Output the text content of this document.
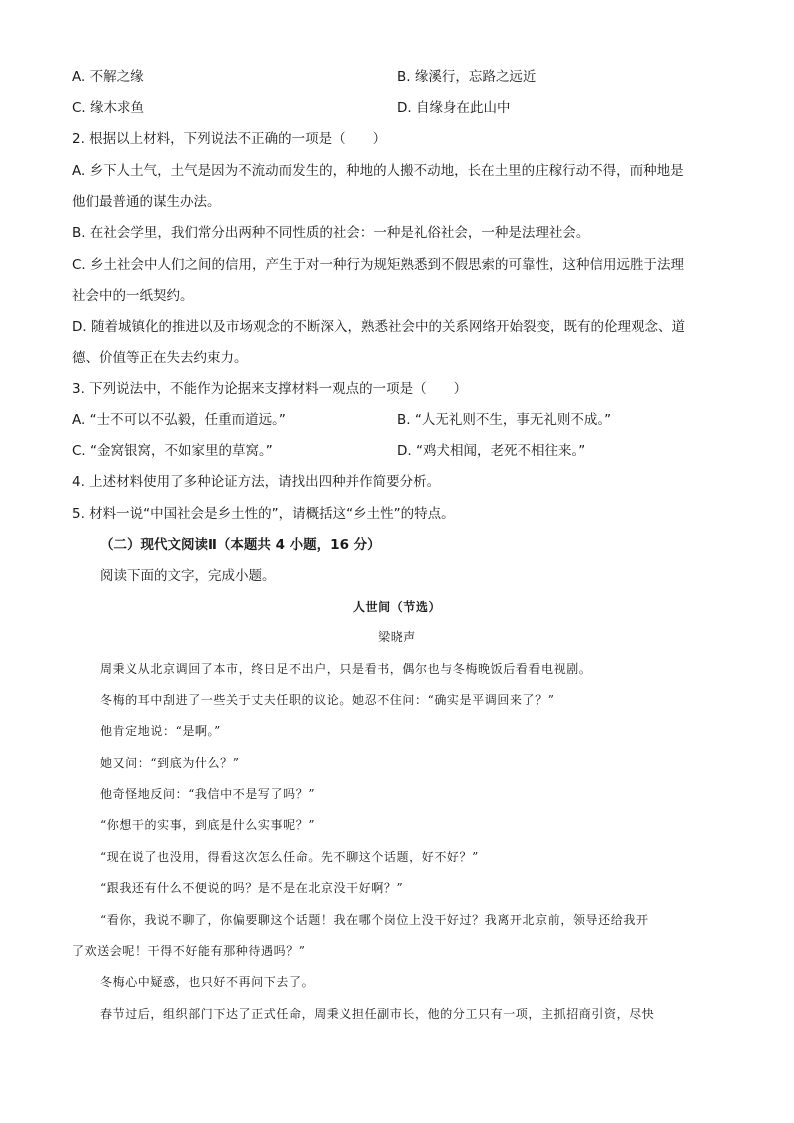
A. 不解之缘	B. 缘溪行，忘路之远近
C. 缘木求鱼	D. 自缘身在此山中
2. 根据以上材料，下列说法不正确的一项是（　　）
A. 乡下人土气，土气是因为不流动而发生的，种地的人搬不动地，长在土里的庄稼行动不得，而种地是
他们最普通的谋生办法。
B. 在社会学里，我们常分出两种不同性质的社会：一种是礼俗社会，一种是法理社会。
C. 乡土社会中人们之间的信用，产生于对一种行为规矩熟悉到不假思索的可靠性，这种信用远胜于法理
社会中的一纸契约。
D. 随着城镇化的推进以及市场观念的不断深入，熟悉社会中的关系网络开始裂变，既有的伦理观念、道
德、价值等正在失去约束力。
3. 下列说法中，不能作为论据来支撑材料一观点的一项是（　　）
A. “士不可以不弘毅，任重而道远。”	B. “人无礼则不生，事无礼则不成。”
C. “金窝银窝，不如家里的草窝。”	D. “鸡犬相闻，老死不相往来。”
4. 上述材料使用了多种论证方法，请找出四种并作简要分析。
5. 材料一说“中国社会是乡土性的”，请概括这“乡土性”的特点。
（二）现代文阅读Ⅱ（本题共 4 小题，16 分）
阅读下面的文字，完成小题。
人世间（节选）
梁晓声
周秉义从北京调回了本市，终日足不出户，只是看书，偶尔也与冬梅晚饭后看看电视剧。
冬梅的耳中刮进了一些关于丈夫任职的议论。她忍不住问：“确实是平调回来了？”
他肯定地说：“是啊。”
她又问：“到底为什么？”
他奇怪地反问：“我信中不是写了吗？”
“你想干的实事，到底是什么实事呢？”
“现在说了也没用，得看这次怎么任命。先不聊这个话题，好不好？”
“跟我还有什么不便说的吗？是不是在北京没干好啊？”
“看你，我说不聊了，你偏要聊这个话题！我在哪个岗位上没干好过？我离开北京前，领导还给我开
了欢送会呢！干得不好能有那种待遇吗？”
冬梅心中疑惑，也只好不再问下去了。
春节过后，组织部门下达了正式任命，周秉义担任副市长，他的分工只有一项，主抓招商引资，尽快
